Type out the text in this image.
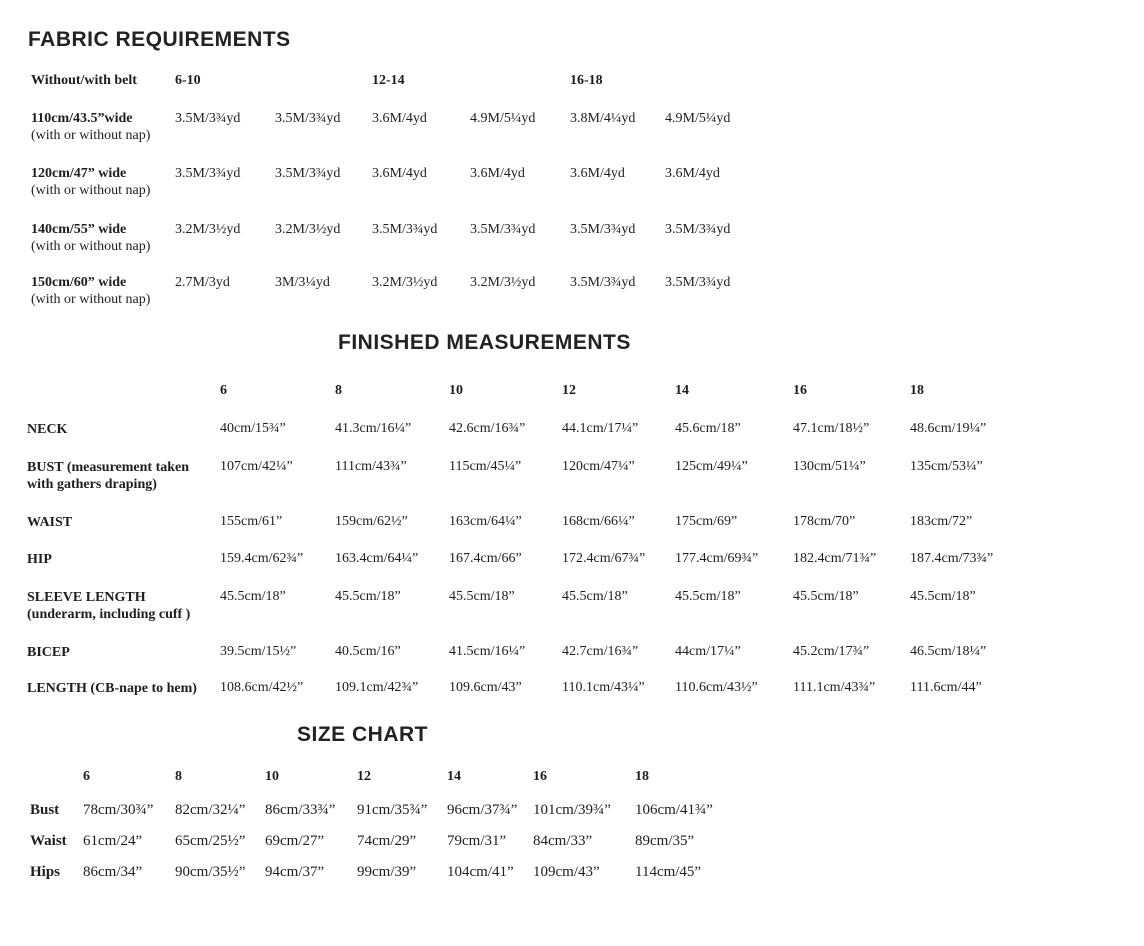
FABRIC REQUIREMENTS
Without/with belt	6-10	12-14	16-18
110cm/43.5”wide
(with or without nap)
3.5M/3¾yd 3.5M/3¾yd 3.6M/4yd	4.9M/5¼yd 3.8M/4¼yd 4.9M/5¼yd
120cm/47” wide
(with or without nap)
3.5M/3¾yd 3.5M/3¾yd 3.6M/4yd	3.6M/4yd	3.6M/4yd	3.6M/4yd
140cm/55” wide
(with or without nap)
3.2M/3½yd 3.2M/3½yd 3.5M/3¾yd 3.5M/3¾yd 3.5M/3¾yd 3.5M/3¾yd
150cm/60” wide
(with or without nap)
2.7M/3yd	3M/3¼yd	3.2M/3½yd 3.2M/3½yd 3.5M/3¾yd 3.5M/3¾yd
FINISHED MEASUREMENTS
6	8	10	12	14	16	18
NECK	40cm/15¾”	41.3cm/16¼”	42.6cm/16¾”	44.1cm/17¼”	45.6cm/18”	47.1cm/18½”	48.6cm/19¼”
BUST (measurement taken
with gathers draping)
107cm/42¼”	111cm/43¾”	115cm/45¼”	120cm/47¼”	125cm/49¼”	130cm/51¼”	135cm/53¼”
WAIST	155cm/61”	159cm/62½”	163cm/64¼”	168cm/66¼”	175cm/69”	178cm/70”	183cm/72”
HIP	159.4cm/62¾” 163.4cm/64¼” 167.4cm/66”	172.4cm/67¾” 177.4cm/69¾” 182.4cm/71¾” 187.4cm/73¾”
SLEEVE LENGTH
(underarm, including cuff )
45.5cm/18”	45.5cm/18”	45.5cm/18”	45.5cm/18”	45.5cm/18”	45.5cm/18”	45.5cm/18”
BICEP	39.5cm/15½”	40.5cm/16”	41.5cm/16¼”	42.7cm/16¾”	44cm/17¼”	45.2cm/17¾”	46.5cm/18¼”
LENGTH (CB-nape to hem) 108.6cm/42½” 109.1cm/42¾” 109.6cm/43”	110.1cm/43¼” 110.6cm/43½”	111.1cm/43¾” 111.6cm/44”
SIZE CHART
6	8	10	12	14	16	18
Bust 78cm/30¾” 82cm/32¼” 86cm/33¾” 91cm/35¾” 96cm/37¾” 101cm/39¾” 106cm/41¾”
Waist 61cm/24” 65cm/25½” 69cm/27” 74cm/29” 79cm/31” 84cm/33”	89cm/35”
Hips 86cm/34” 90cm/35½” 94cm/37” 99cm/39” 104cm/41” 109cm/43” 114cm/45”
